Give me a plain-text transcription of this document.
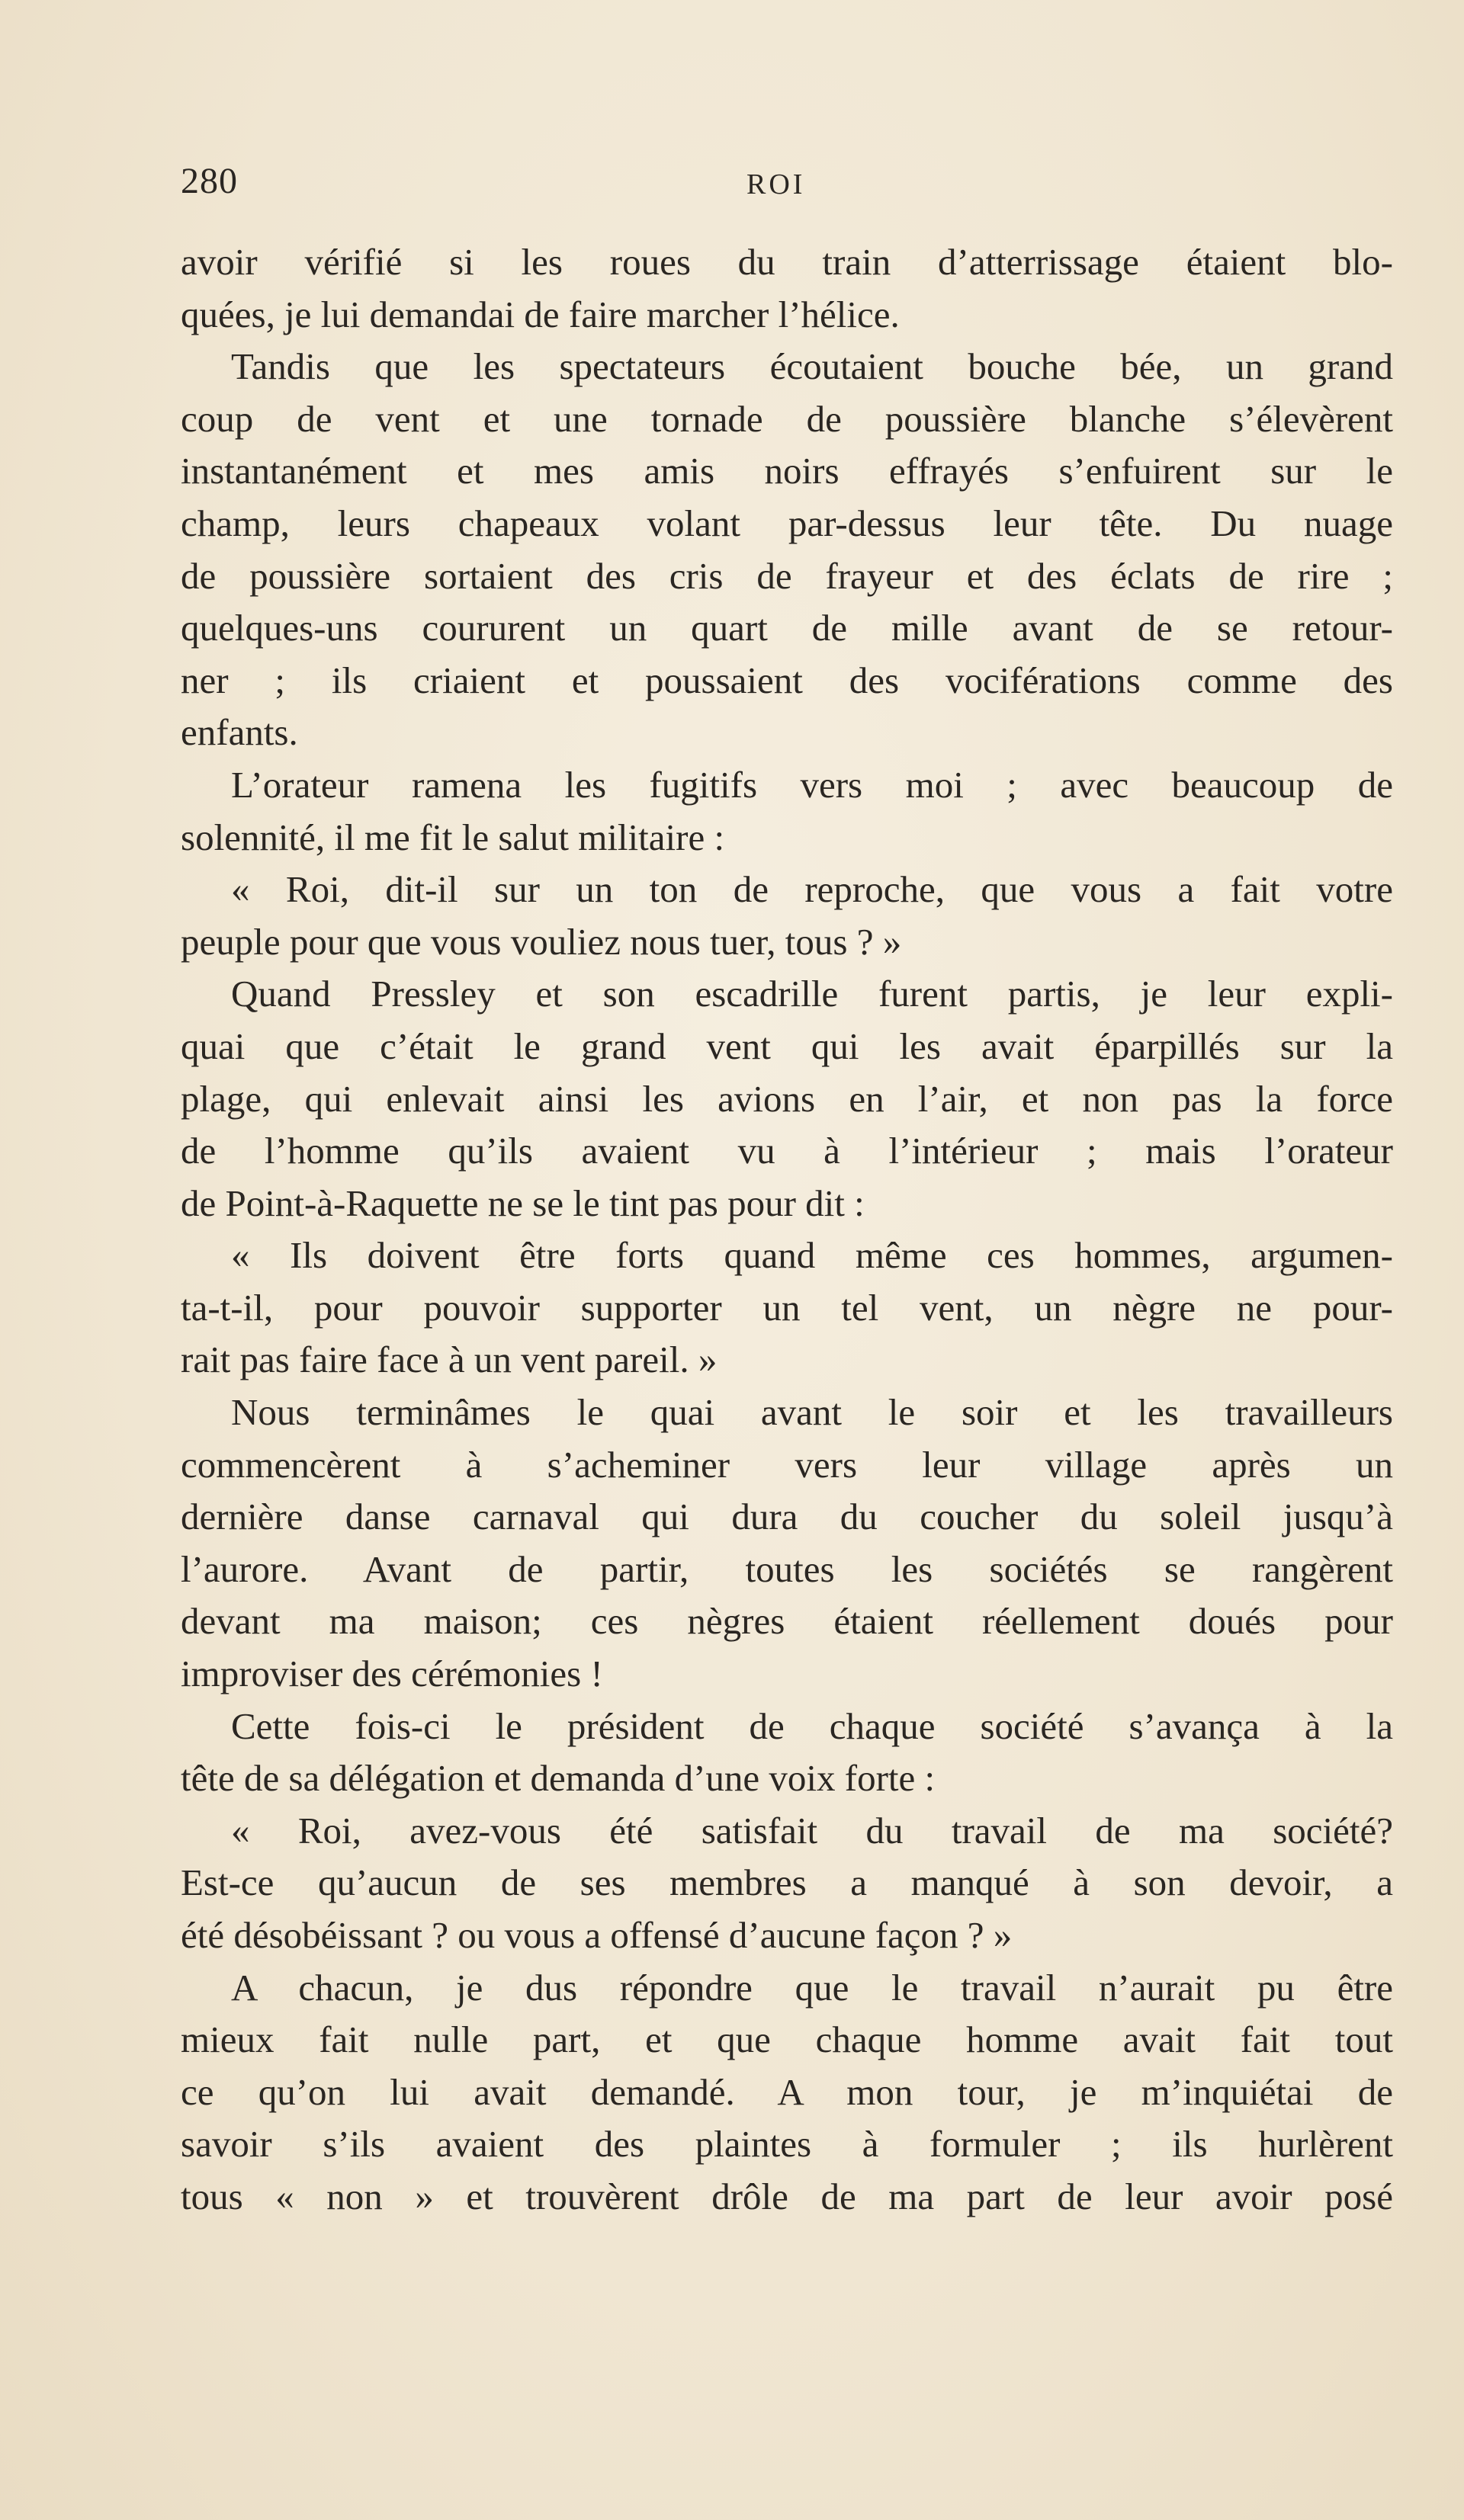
280	ROI
avoir vérifié si les roues du train d’atterrissage étaient blo-
quées, je lui demandai de faire marcher l’hélice.
Tandis que les spectateurs écoutaient bouche bée, un grand
coup de vent et une tornade de poussière blanche s’élevèrent
instantanément et mes amis noirs effrayés s’enfuirent sur le
champ, leurs chapeaux volant par-dessus leur tête. Du nuage
de poussière sortaient des cris de frayeur et des éclats de rire ;
quelques-uns coururent un quart de mille avant de se retour-
ner ; ils criaient et poussaient des vociférations comme des
enfants.
L’orateur ramena les fugitifs vers moi ; avec beaucoup de
solennité, il me fit le salut militaire :
« Roi, dit-il sur un ton de reproche, que vous a fait votre
peuple pour que vous vouliez nous tuer, tous ? »
Quand Pressley et son escadrille furent partis, je leur expli-
quai que c’était le grand vent qui les avait éparpillés sur la
plage, qui enlevait ainsi les avions en l’air, et non pas la force
de l’homme qu’ils avaient vu à l’intérieur ; mais l’orateur
de Point-à-Raquette ne se le tint pas pour dit :
« Ils doivent être forts quand même ces hommes, argumen-
ta-t-il, pour pouvoir supporter un tel vent, un nègre ne pour-
rait pas faire face à un vent pareil. »
Nous terminâmes le quai avant le soir et les travailleurs
commencèrent à s’acheminer vers leur village après un
dernière danse carnaval qui dura du coucher du soleil jusqu’à
l’aurore. Avant de partir, toutes les sociétés se rangèrent
devant ma maison; ces nègres étaient réellement doués pour
improviser des cérémonies !
Cette fois-ci le président de chaque société s’avança à la
tête de sa délégation et demanda d’une voix forte :
« Roi, avez-vous été satisfait du travail de ma société?
Est-ce qu’aucun de ses membres a manqué à son devoir, a
été désobéissant ? ou vous a offensé d’aucune façon ? »
A chacun, je dus répondre que le travail n’aurait pu être
mieux fait nulle part, et que chaque homme avait fait tout
ce qu’on lui avait demandé. A mon tour, je m’inquiétai de
savoir s’ils avaient des plaintes à formuler ; ils hurlèrent
tous « non » et trouvèrent drôle de ma part de leur avoir posé
